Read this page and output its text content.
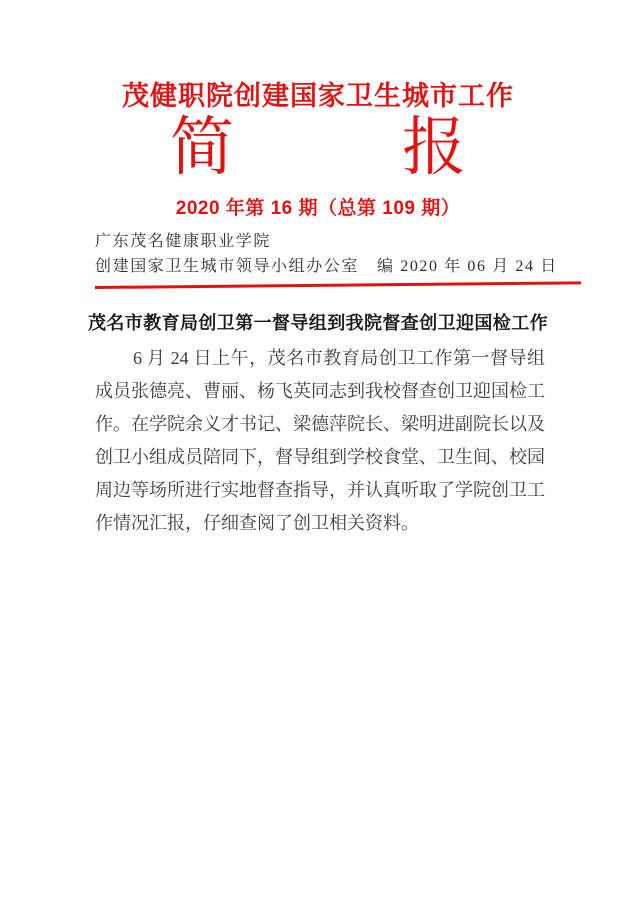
茂健职院创建国家卫生城市工作
简	报
2020 年第 16 期（总第 109 期）
广东茂名健康职业学院
创建国家卫生城市领导小组办公室 编 2020 年 06 月 24 日
茂名市教育局创卫第一督导组到我院督查创卫迎国检工作
6 月 24 日上午，茂名市教育局创卫工作第一督导组
成员张德亮、曹丽、杨飞英同志到我校督查创卫迎国检工
作。在学院余义才书记、梁德萍院长、梁明进副院长以及
创卫小组成员陪同下，督导组到学校食堂、卫生间、校园
周边等场所进行实地督查指导，并认真听取了学院创卫工
作情况汇报，仔细查阅了创卫相关资料。
